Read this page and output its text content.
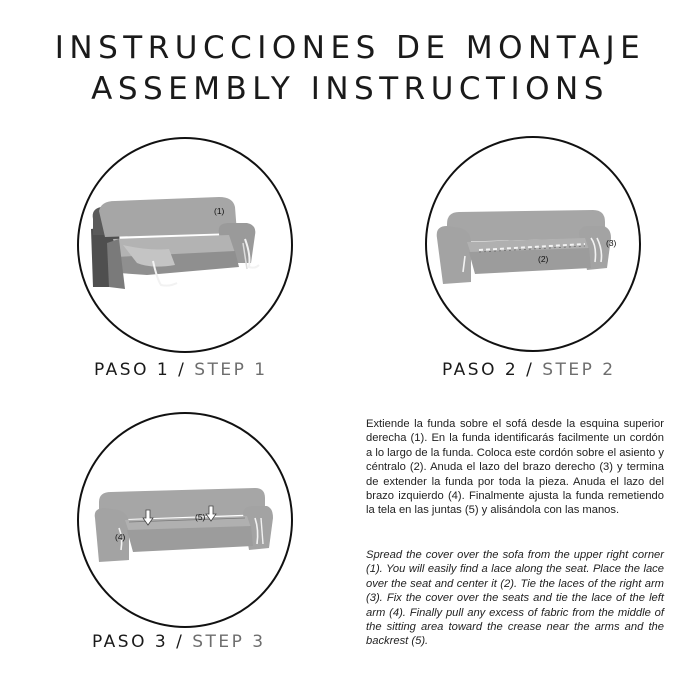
INSTRUCCIONES DE MONTAJE
ASSEMBLY INSTRUCTIONS
(1)
(2)
(3)
(4)
(5)
PASO 1 / STEP 1	PASO 2 / STEP 2
PASO 3 / STEP 3

Extiende la funda sobre el sofá desde la esquina superior derecha (1). En la funda identificarás facilmente un cordón a lo largo de la funda. Coloca este cordón sobre el asiento y céntralo (2). Anuda el lazo del brazo derecho (3) y termina de extender la funda por toda la pieza. Anuda el lazo del brazo izquierdo (4). Finalmente ajusta la funda remetiendo la tela en las juntas (5) y alisándola con las manos.

Spread the cover over the sofa from the upper right corner (1). You will easily find a lace along the seat. Place the lace over the seat and center it (2). Tie the laces of the right arm (3). Fix the cover over the seats and tie the lace of the left arm (4). Finally pull any excess of fabric from the middle of the sitting area toward the crease near the arms and the backrest (5).
